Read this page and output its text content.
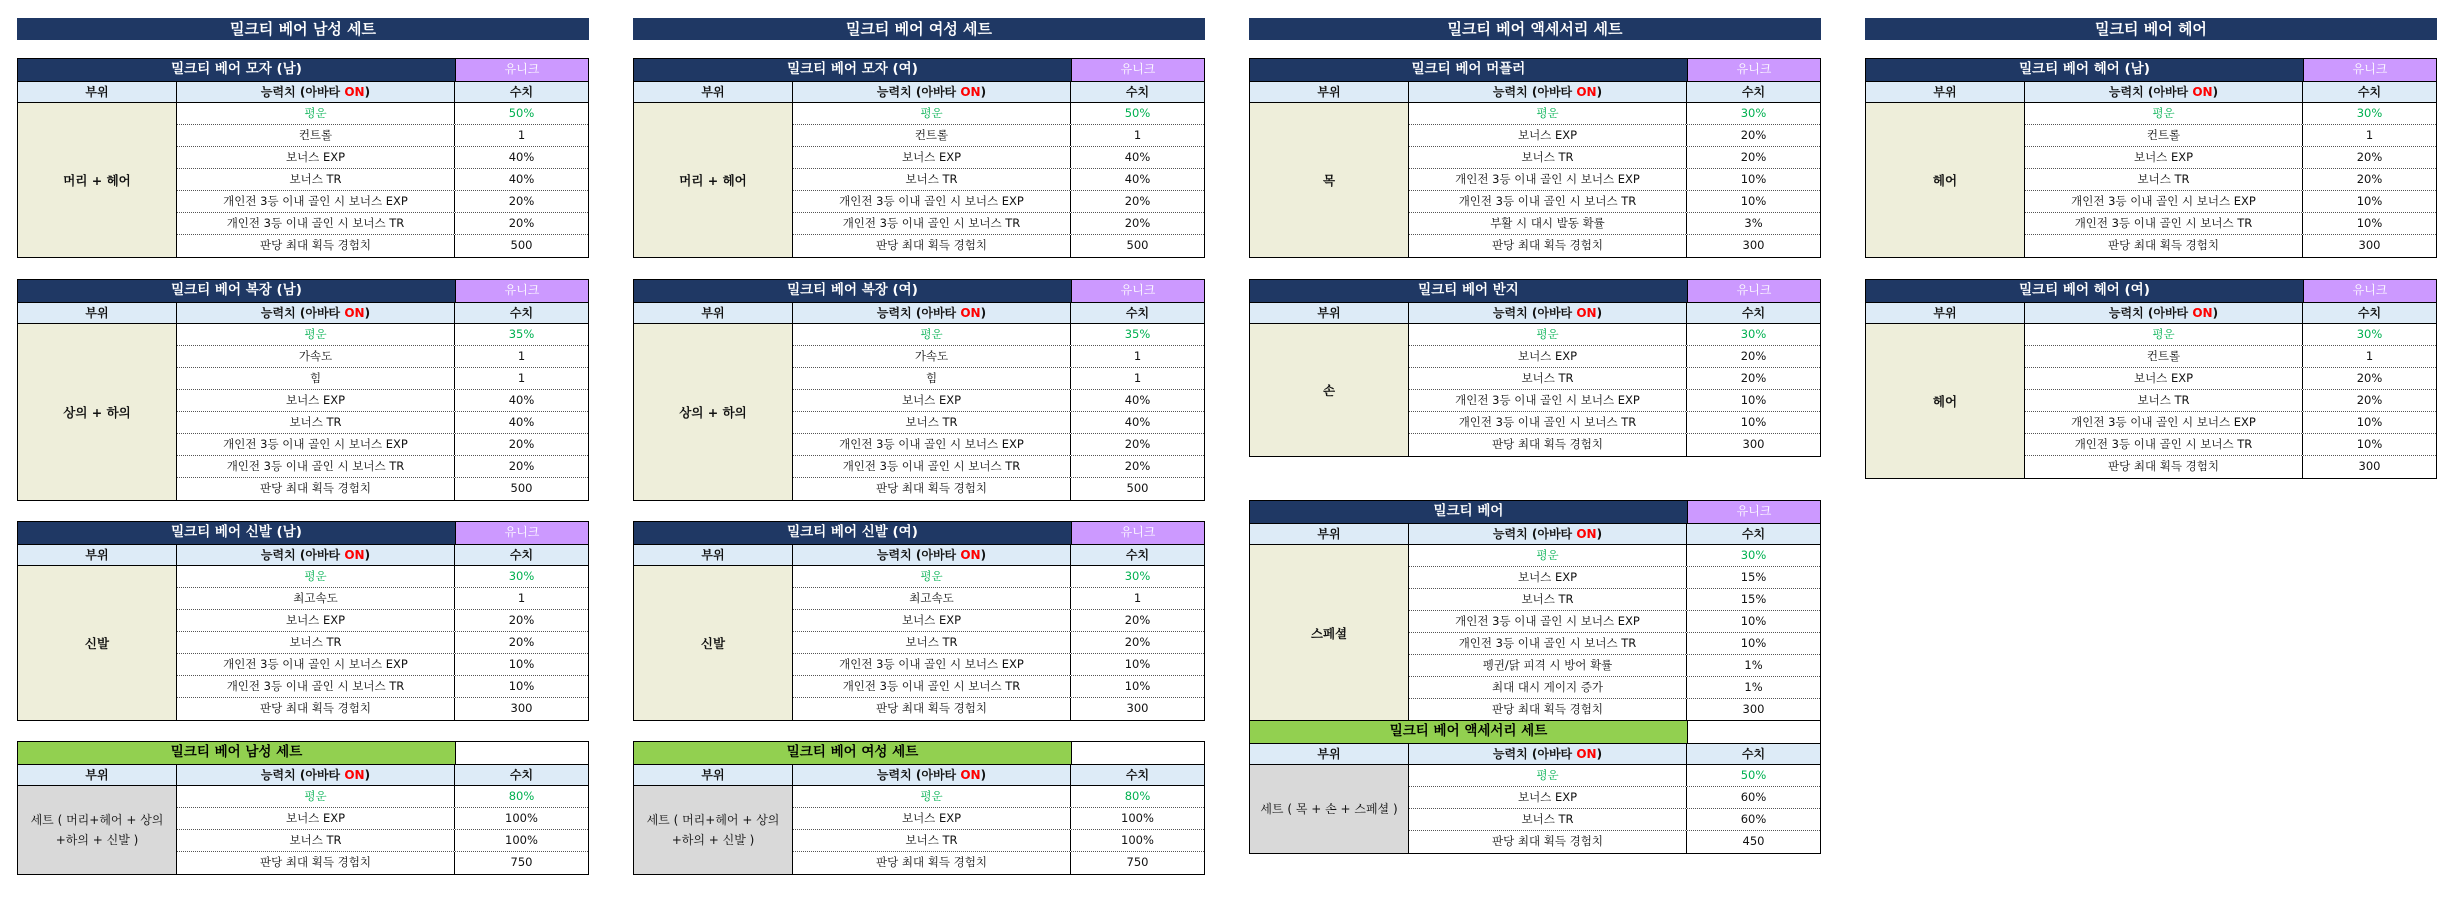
밀크티 베어 남성 세트
밀크티 베어 모자 (남)	유니크
부위	능력치 (아바타 ON)	수치
머리 + 헤어
평운	50%
컨트롤	1
보너스 EXP	40%
보너스 TR	40%
개인전 3등 이내 골인 시 보너스 EXP	20%
개인전 3등 이내 골인 시 보너스 TR	20%
판당 최대 획득 경험치	500
밀크티 베어 복장 (남)	유니크
부위	능력치 (아바타 ON)	수치
상의 + 하의
평운	35%
가속도	1
힘	1
보너스 EXP	40%
보너스 TR	40%
개인전 3등 이내 골인 시 보너스 EXP	20%
개인전 3등 이내 골인 시 보너스 TR	20%
판당 최대 획득 경험치	500
밀크티 베어 신발 (남)	유니크
부위	능력치 (아바타 ON)	수치
신발
평운	30%
최고속도	1
보너스 EXP	20%
보너스 TR	20%
개인전 3등 이내 골인 시 보너스 EXP	10%
개인전 3등 이내 골인 시 보너스 TR	10%
판당 최대 획득 경험치	300
밀크티 베어 남성 세트
부위	능력치 (아바타 ON)	수치
세트 ( 머리+헤어 + 상의 +하의 + 신발 )
평운	80%
보너스 EXP	100%
보너스 TR	100%
판당 최대 획득 경험치	750
밀크티 베어 여성 세트
밀크티 베어 모자 (여)	유니크
부위	능력치 (아바타 ON)	수치
머리 + 헤어
평운	50%
컨트롤	1
보너스 EXP	40%
보너스 TR	40%
개인전 3등 이내 골인 시 보너스 EXP	20%
개인전 3등 이내 골인 시 보너스 TR	20%
판당 최대 획득 경험치	500
밀크티 베어 복장 (여)	유니크
부위	능력치 (아바타 ON)	수치
상의 + 하의
평운	35%
가속도	1
힘	1
보너스 EXP	40%
보너스 TR	40%
개인전 3등 이내 골인 시 보너스 EXP	20%
개인전 3등 이내 골인 시 보너스 TR	20%
판당 최대 획득 경험치	500
밀크티 베어 신발 (여)	유니크
부위	능력치 (아바타 ON)	수치
신발
평운	30%
최고속도	1
보너스 EXP	20%
보너스 TR	20%
개인전 3등 이내 골인 시 보너스 EXP	10%
개인전 3등 이내 골인 시 보너스 TR	10%
판당 최대 획득 경험치	300
밀크티 베어 여성 세트
부위	능력치 (아바타 ON)	수치
세트 ( 머리+헤어 + 상의 +하의 + 신발 )
평운	80%
보너스 EXP	100%
보너스 TR	100%
판당 최대 획득 경험치	750
밀크티 베어 액세서리 세트
밀크티 베어 머플러	유니크
부위	능력치 (아바타 ON)	수치
목
평운	30%
보너스 EXP	20%
보너스 TR	20%
개인전 3등 이내 골인 시 보너스 EXP	10%
개인전 3등 이내 골인 시 보너스 TR	10%
부활 시 대시 발동 확률	3%
판당 최대 획득 경험치	300
밀크티 베어 반지	유니크
부위	능력치 (아바타 ON)	수치
손
평운	30%
보너스 EXP	20%
보너스 TR	20%
개인전 3등 이내 골인 시 보너스 EXP	10%
개인전 3등 이내 골인 시 보너스 TR	10%
판당 최대 획득 경험치	300
밀크티 베어	유니크
부위	능력치 (아바타 ON)	수치
스페셜
평운	30%
보너스 EXP	15%
보너스 TR	15%
개인전 3등 이내 골인 시 보너스 EXP	10%
개인전 3등 이내 골인 시 보너스 TR	10%
펭귄/닭 피격 시 방어 확률	1%
최대 대시 게이지 증가	1%
판당 최대 획득 경험치	300
밀크티 베어 액세서리 세트
부위	능력치 (아바타 ON)	수치
세트 ( 목 + 손 + 스페셜 )
평운	50%
보너스 EXP	60%
보너스 TR	60%
판당 최대 획득 경험치	450
밀크티 베어 헤어
밀크티 베어 헤어 (남)	유니크
부위	능력치 (아바타 ON)	수치
헤어
평운	30%
컨트롤	1
보너스 EXP	20%
보너스 TR	20%
개인전 3등 이내 골인 시 보너스 EXP	10%
개인전 3등 이내 골인 시 보너스 TR	10%
판당 최대 획득 경험치	300
밀크티 베어 헤어 (여)	유니크
부위	능력치 (아바타 ON)	수치
헤어
평운	30%
컨트롤	1
보너스 EXP	20%
보너스 TR	20%
개인전 3등 이내 골인 시 보너스 EXP	10%
개인전 3등 이내 골인 시 보너스 TR	10%
판당 최대 획득 경험치	300
